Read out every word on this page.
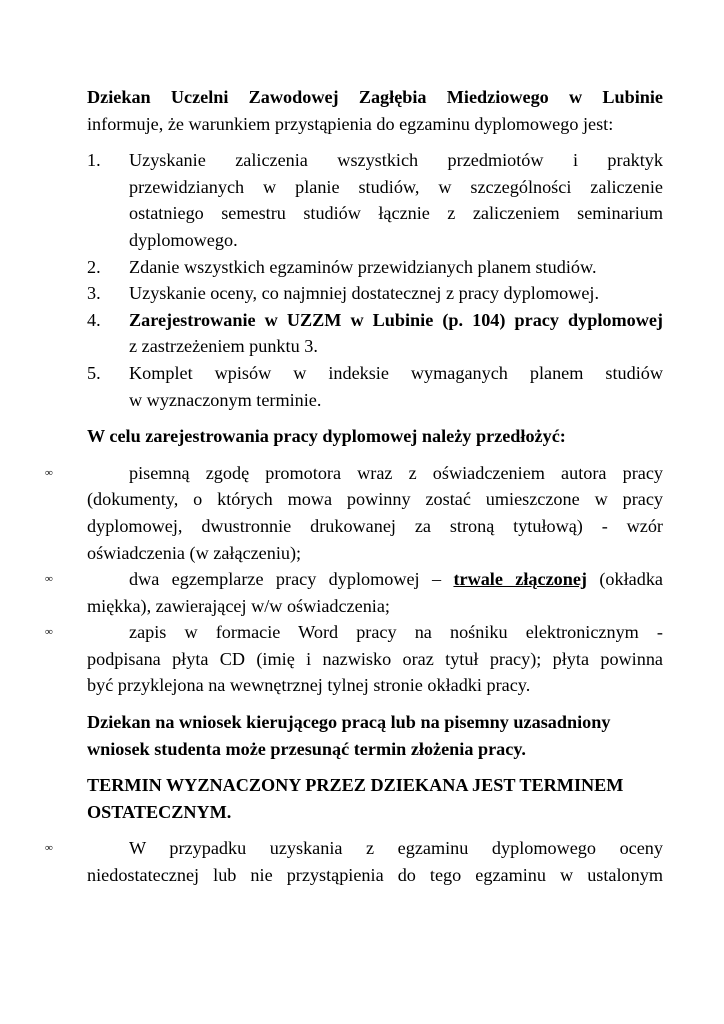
Dziekan Uczelni Zawodowej Zagłębia Miedziowego w Lubinie

informuje, że warunkiem przystąpienia do egzaminu dyplomowego jest:

1. Uzyskanie zaliczenia wszystkich przedmiotów i praktyk

przewidzianych w planie studiów, w szczególności zaliczenie

ostatniego semestru studiów łącznie z zaliczeniem seminarium

dyplomowego.

2. Zdanie wszystkich egzaminów przewidzianych planem studiów.

3. Uzyskanie oceny, co najmniej dostatecznej z pracy dyplomowej.

4. Zarejestrowanie w UZZM w Lubinie (p. 104) pracy dyplomowej

z zastrzeżeniem punktu 3.

5. Komplet wpisów w indeksie wymaganych planem studiów

w wyznaczonym terminie.

W celu zarejestrowania pracy dyplomowej należy przedłożyć:

∞	pisemną zgodę promotora wraz z oświadczeniem autora pracy

(dokumenty, o których mowa powinny zostać umieszczone w pracy

dyplomowej, dwustronnie drukowanej za stroną tytułową) - wzór

oświadczenia (w załączeniu);

∞	dwa egzemplarze pracy dyplomowej – trwale złączonej (okładka

miękka), zawierającej w/w oświadczenia;

∞	zapis w formacie Word pracy na nośniku elektronicznym -

podpisana płyta CD (imię i nazwisko oraz tytuł pracy); płyta powinna

być przyklejona na wewnętrznej tylnej stronie okładki pracy.

Dziekan na wniosek kierującego pracą lub na pisemny uzasadniony

wniosek studenta może przesunąć termin złożenia pracy.

TERMIN WYZNACZONY PRZEZ DZIEKANA JEST TERMINEM

OSTATECZNYM.

∞	W przypadku uzyskania z egzaminu dyplomowego oceny

niedostatecznej lub nie przystąpienia do tego egzaminu w ustalonym
